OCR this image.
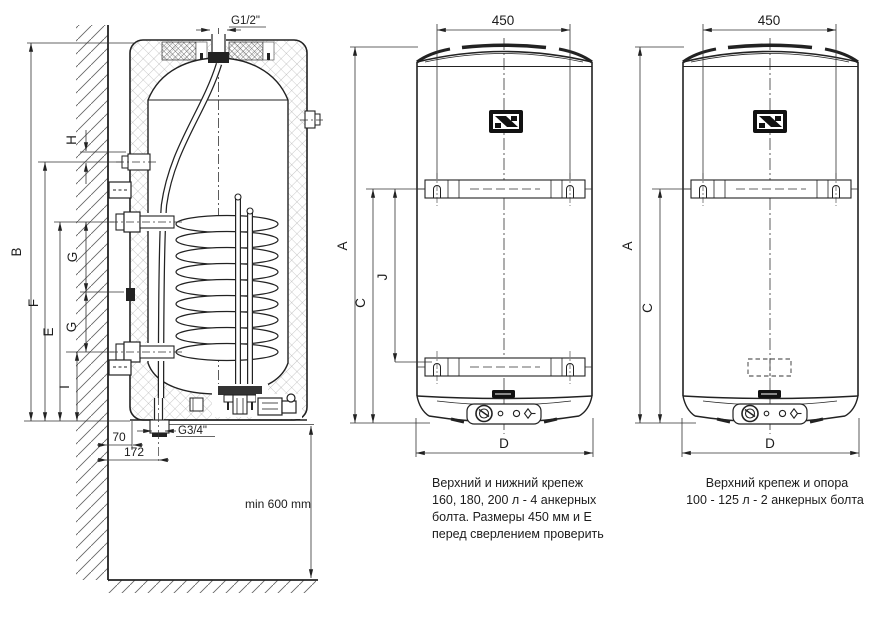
G1/2"
H
B
F
E
G
G
I
70
172
G3/4"
min 600 mm
450
A
C
J
D
Верхний и нижний крепеж
160, 180, 200 л - 4 анкерных
болта. Размеры 450 мм и Е
перед сверлением проверить
450
A
C
D
Верхний крепеж и опора
100 - 125 л - 2 анкерных болта
